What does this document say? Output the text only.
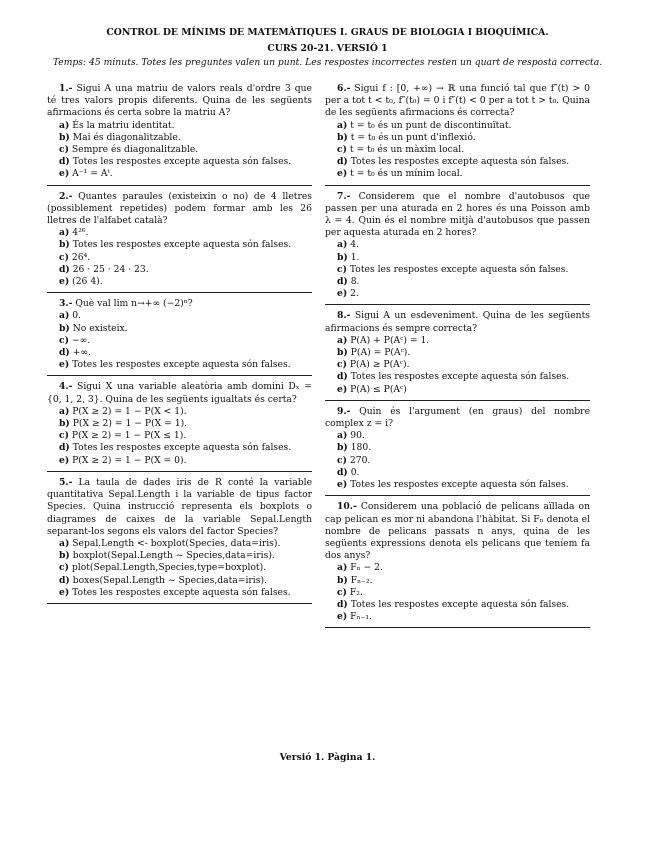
CONTROL DE MÍNIMS DE MATEMÀTIQUES I. GRAUS DE BIOLOGIA I BIOQUÍMICA.
CURS 20-21. VERSIÓ 1
Temps: 45 minuts. Totes les preguntes valen un punt. Les respostes incorrectes resten un quart de resposta correcta.
1.- Sigui A una matriu de valors reals d'ordre 3 que té tres valors propis diferents. Quina de les següents afirmacions és certa sobre la matriu A?
a) És la matriu identitat.
b) Mai és diagonalitzable.
c) Sempre és diagonalitzable.
d) Totes les respostes excepte aquesta són falses.
e) A⁻¹ = Aᵗ.
2.- Quantes paraules (existeixin o no) de 4 lletres (possiblement repetides) podem formar amb les 26 lletres de l'alfabet català?
a) 4²⁶.
b) Totes les respostes excepte aquesta són falses.
c) 26⁴.
d) 26 · 25 · 24 · 23.
e) (26 4).
3.- Què val lim n→+∞ (−2)ⁿ?
a) 0.
b) No existeix.
c) −∞.
d) +∞.
e) Totes les respostes excepte aquesta són falses.
4.- Sigui X una variable aleatòria amb domini Dₓ = {0, 1, 2, 3}. Quina de les següents igualtats és certa?
a) P(X ≥ 2) = 1 − P(X < 1).
b) P(X ≥ 2) = 1 − P(X = 1).
c) P(X ≥ 2) = 1 − P(X ≤ 1).
d) Totes les respostes excepte aquesta són falses.
e) P(X ≥ 2) = 1 − P(X = 0).
5.- La taula de dades iris de R conté la variable quantitativa Sepal.Length i la variable de tipus factor Species. Quina instrucció representa els boxplots o diagrames de caixes de la variable Sepal.Length separant-los segons els valors del factor Species?
a) Sepal.Length <- boxplot(Species, data=iris).
b) boxplot(Sepal.Length ~ Species,data=iris).
c) plot(Sepal.Length,Species,type=boxplot).
d) boxes(Sepal.Length ~ Species,data=iris).
e) Totes les respostes excepte aquesta són falses.
6.- Sigui f : [0, +∞) → ℝ una funció tal que f″(t) > 0 per a tot t < t₀, f″(t₀) = 0 i f″(t) < 0 per a tot t > t₀. Quina de les següents afirmacions és correcta?
a) t = t₀ és un punt de discontinuïtat.
b) t = t₀ és un punt d'inflexió.
c) t = t₀ és un màxim local.
d) Totes les respostes excepte aquesta són falses.
e) t = t₀ és un mínim local.
7.- Considerem que el nombre d'autobusos que passen per una aturada en 2 hores és una Poisson amb λ = 4. Quin és el nombre mitjà d'autobusos que passen per aquesta aturada en 2 hores?
a) 4.
b) 1.
c) Totes les respostes excepte aquesta són falses.
d) 8.
e) 2.
8.- Sigui A un esdeveniment. Quina de les següents afirmacions és sempre correcta?
a) P(A) + P(Aᶜ) = 1.
b) P(A) = P(Aᶜ).
c) P(A) ≥ P(Aᶜ).
d) Totes les respostes excepte aquesta són falses.
e) P(A) ≤ P(Aᶜ)
9.- Quin és l'argument (en graus) del nombre complex z = i?
a) 90.
b) 180.
c) 270.
d) 0.
e) Totes les respostes excepte aquesta són falses.
10.- Considerem una població de pelicans aïllada on cap pelican es mor ni abandona l'hàbitat. Si Fₙ denota el nombre de pelicans passats n anys, quina de les següents expressions denota els pelicans que teníem fa dos anys?
a) Fₙ − 2.
b) Fₙ₋₂.
c) F₂.
d) Totes les respostes excepte aquesta són falses.
e) Fₙ₋₁.
Versió 1. Pàgina 1.
